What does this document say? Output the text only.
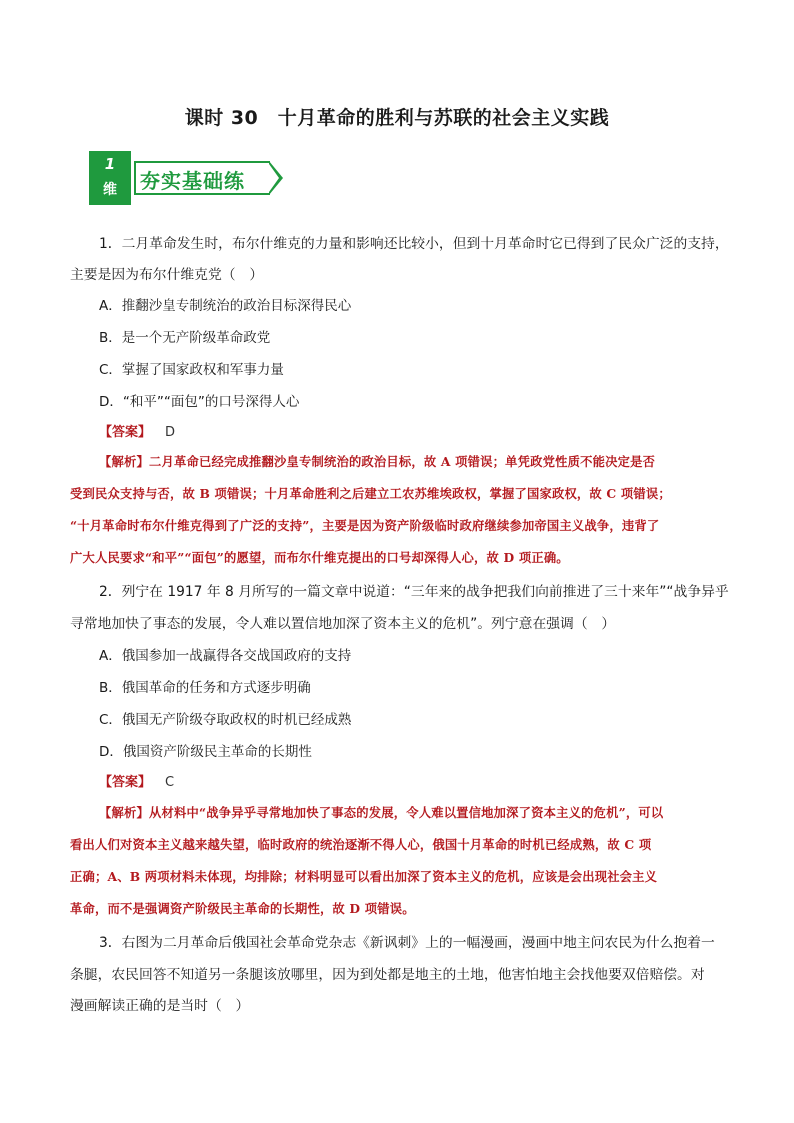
课时 30　十月革命的胜利与苏联的社会主义实践
1
维	夯实基础练
1．二月革命发生时，布尔什维克的力量和影响还比较小，但到十月革命时它已得到了民众广泛的支持，
主要是因为布尔什维克党（　）
A．推翻沙皇专制统治的政治目标深得民心
B．是一个无产阶级革命政党
C．掌握了国家政权和军事力量
D．“和平”“面包”的口号深得人心
【答案】 D
【解析】二月革命已经完成推翻沙皇专制统治的政治目标，故 A 项错误；单凭政党性质不能决定是否
受到民众支持与否，故 B 项错误；十月革命胜利之后建立工农苏维埃政权，掌握了国家政权，故 C 项错误；
“十月革命时布尔什维克得到了广泛的支持”，主要是因为资产阶级临时政府继续参加帝国主义战争，违背了
广大人民要求“和平”“面包”的愿望，而布尔什维克提出的口号却深得人心，故 D 项正确。
2．列宁在 1917 年 8 月所写的一篇文章中说道：“三年来的战争把我们向前推进了三十来年”“战争异乎
寻常地加快了事态的发展，令人难以置信地加深了资本主义的危机”。列宁意在强调（　）
A．俄国参加一战赢得各交战国政府的支持
B．俄国革命的任务和方式逐步明确
C．俄国无产阶级夺取政权的时机已经成熟
D．俄国资产阶级民主革命的长期性
【答案】 C
【解析】从材料中“战争异乎寻常地加快了事态的发展，令人难以置信地加深了资本主义的危机”，可以
看出人们对资本主义越来越失望，临时政府的统治逐渐不得人心，俄国十月革命的时机已经成熟，故 C 项
正确；A、B 两项材料未体现，均排除；材料明显可以看出加深了资本主义的危机，应该是会出现社会主义
革命，而不是强调资产阶级民主革命的长期性，故 D 项错误。
3．右图为二月革命后俄国社会革命党杂志《新讽刺》上的一幅漫画，漫画中地主问农民为什么抱着一
条腿，农民回答不知道另一条腿该放哪里，因为到处都是地主的土地，他害怕地主会找他要双倍赔偿。对
漫画解读正确的是当时（　）
